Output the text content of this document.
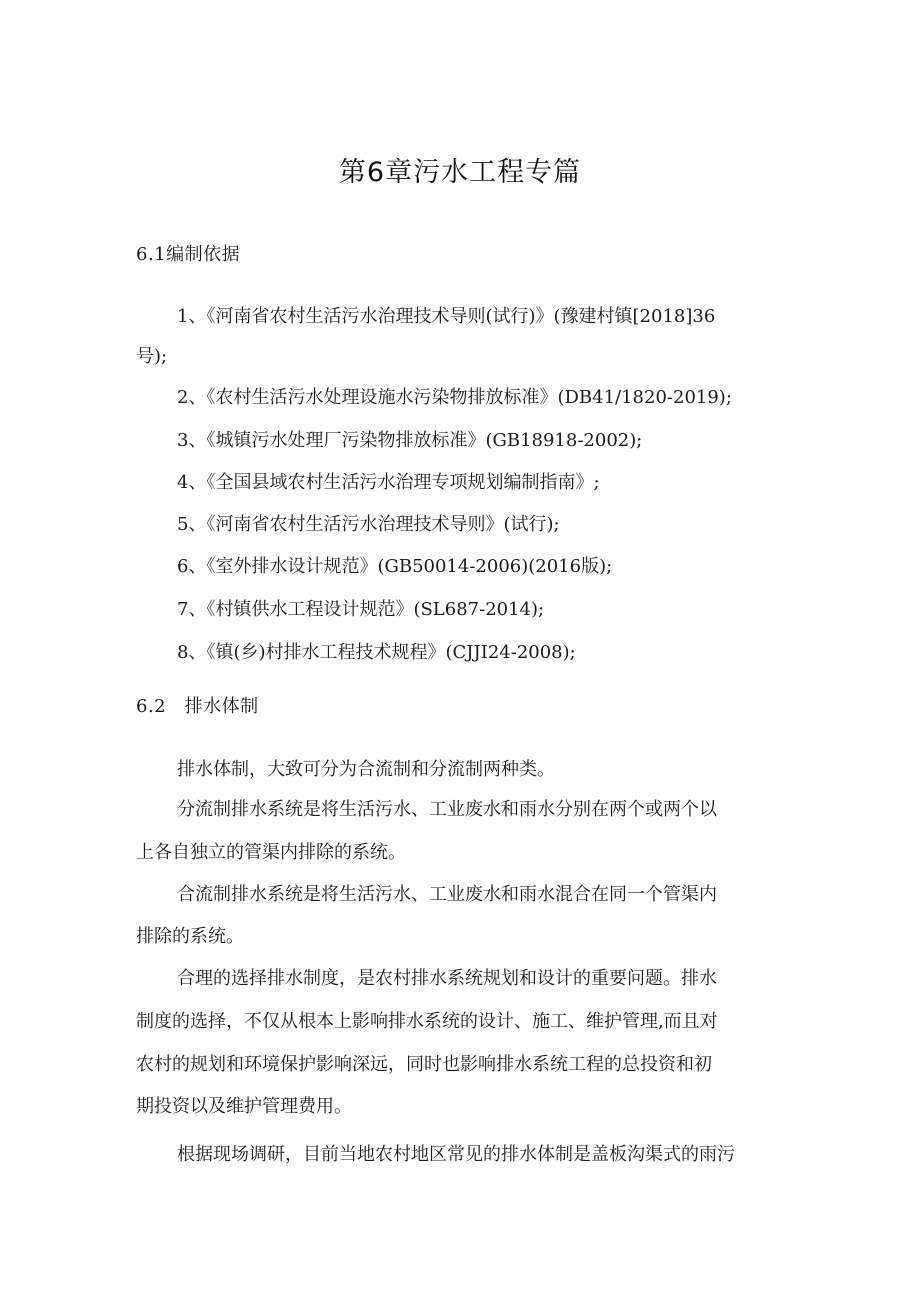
第6章污水工程专篇
6.1编制依据
1、《河南省农村生活污水治理技术导则(试行)》(豫建村镇[2018]36
号);
2、《农村生活污水处理设施水污染物排放标准》(DB41/1820-2019);
3、《城镇污水处理厂污染物排放标准》(GB18918-2002);
4、《全国县域农村生活污水治理专项规划编制指南》;
5、《河南省农村生活污水治理技术导则》(试行);
6、《室外排水设计规范》(GB50014-2006)(2016版);
7、《村镇供水工程设计规范》(SL687-2014);
8、《镇(乡)村排水工程技术规程》(CJJI24-2008);
6.2　排水体制
排水体制，大致可分为合流制和分流制两种类。
分流制排水系统是将生活污水、工业废水和雨水分别在两个或两个以
上各自独立的管渠内排除的系统。
合流制排水系统是将生活污水、工业废水和雨水混合在同一个管渠内
排除的系统。
合理的选择排水制度，是农村排水系统规划和设计的重要问题。排水
制度的选择，不仅从根本上影响排水系统的设计、施工、维护管理,而且对
农村的规划和环境保护影响深远，同时也影响排水系统工程的总投资和初
期投资以及维护管理费用。
根据现场调研，目前当地农村地区常见的排水体制是盖板沟渠式的雨污
